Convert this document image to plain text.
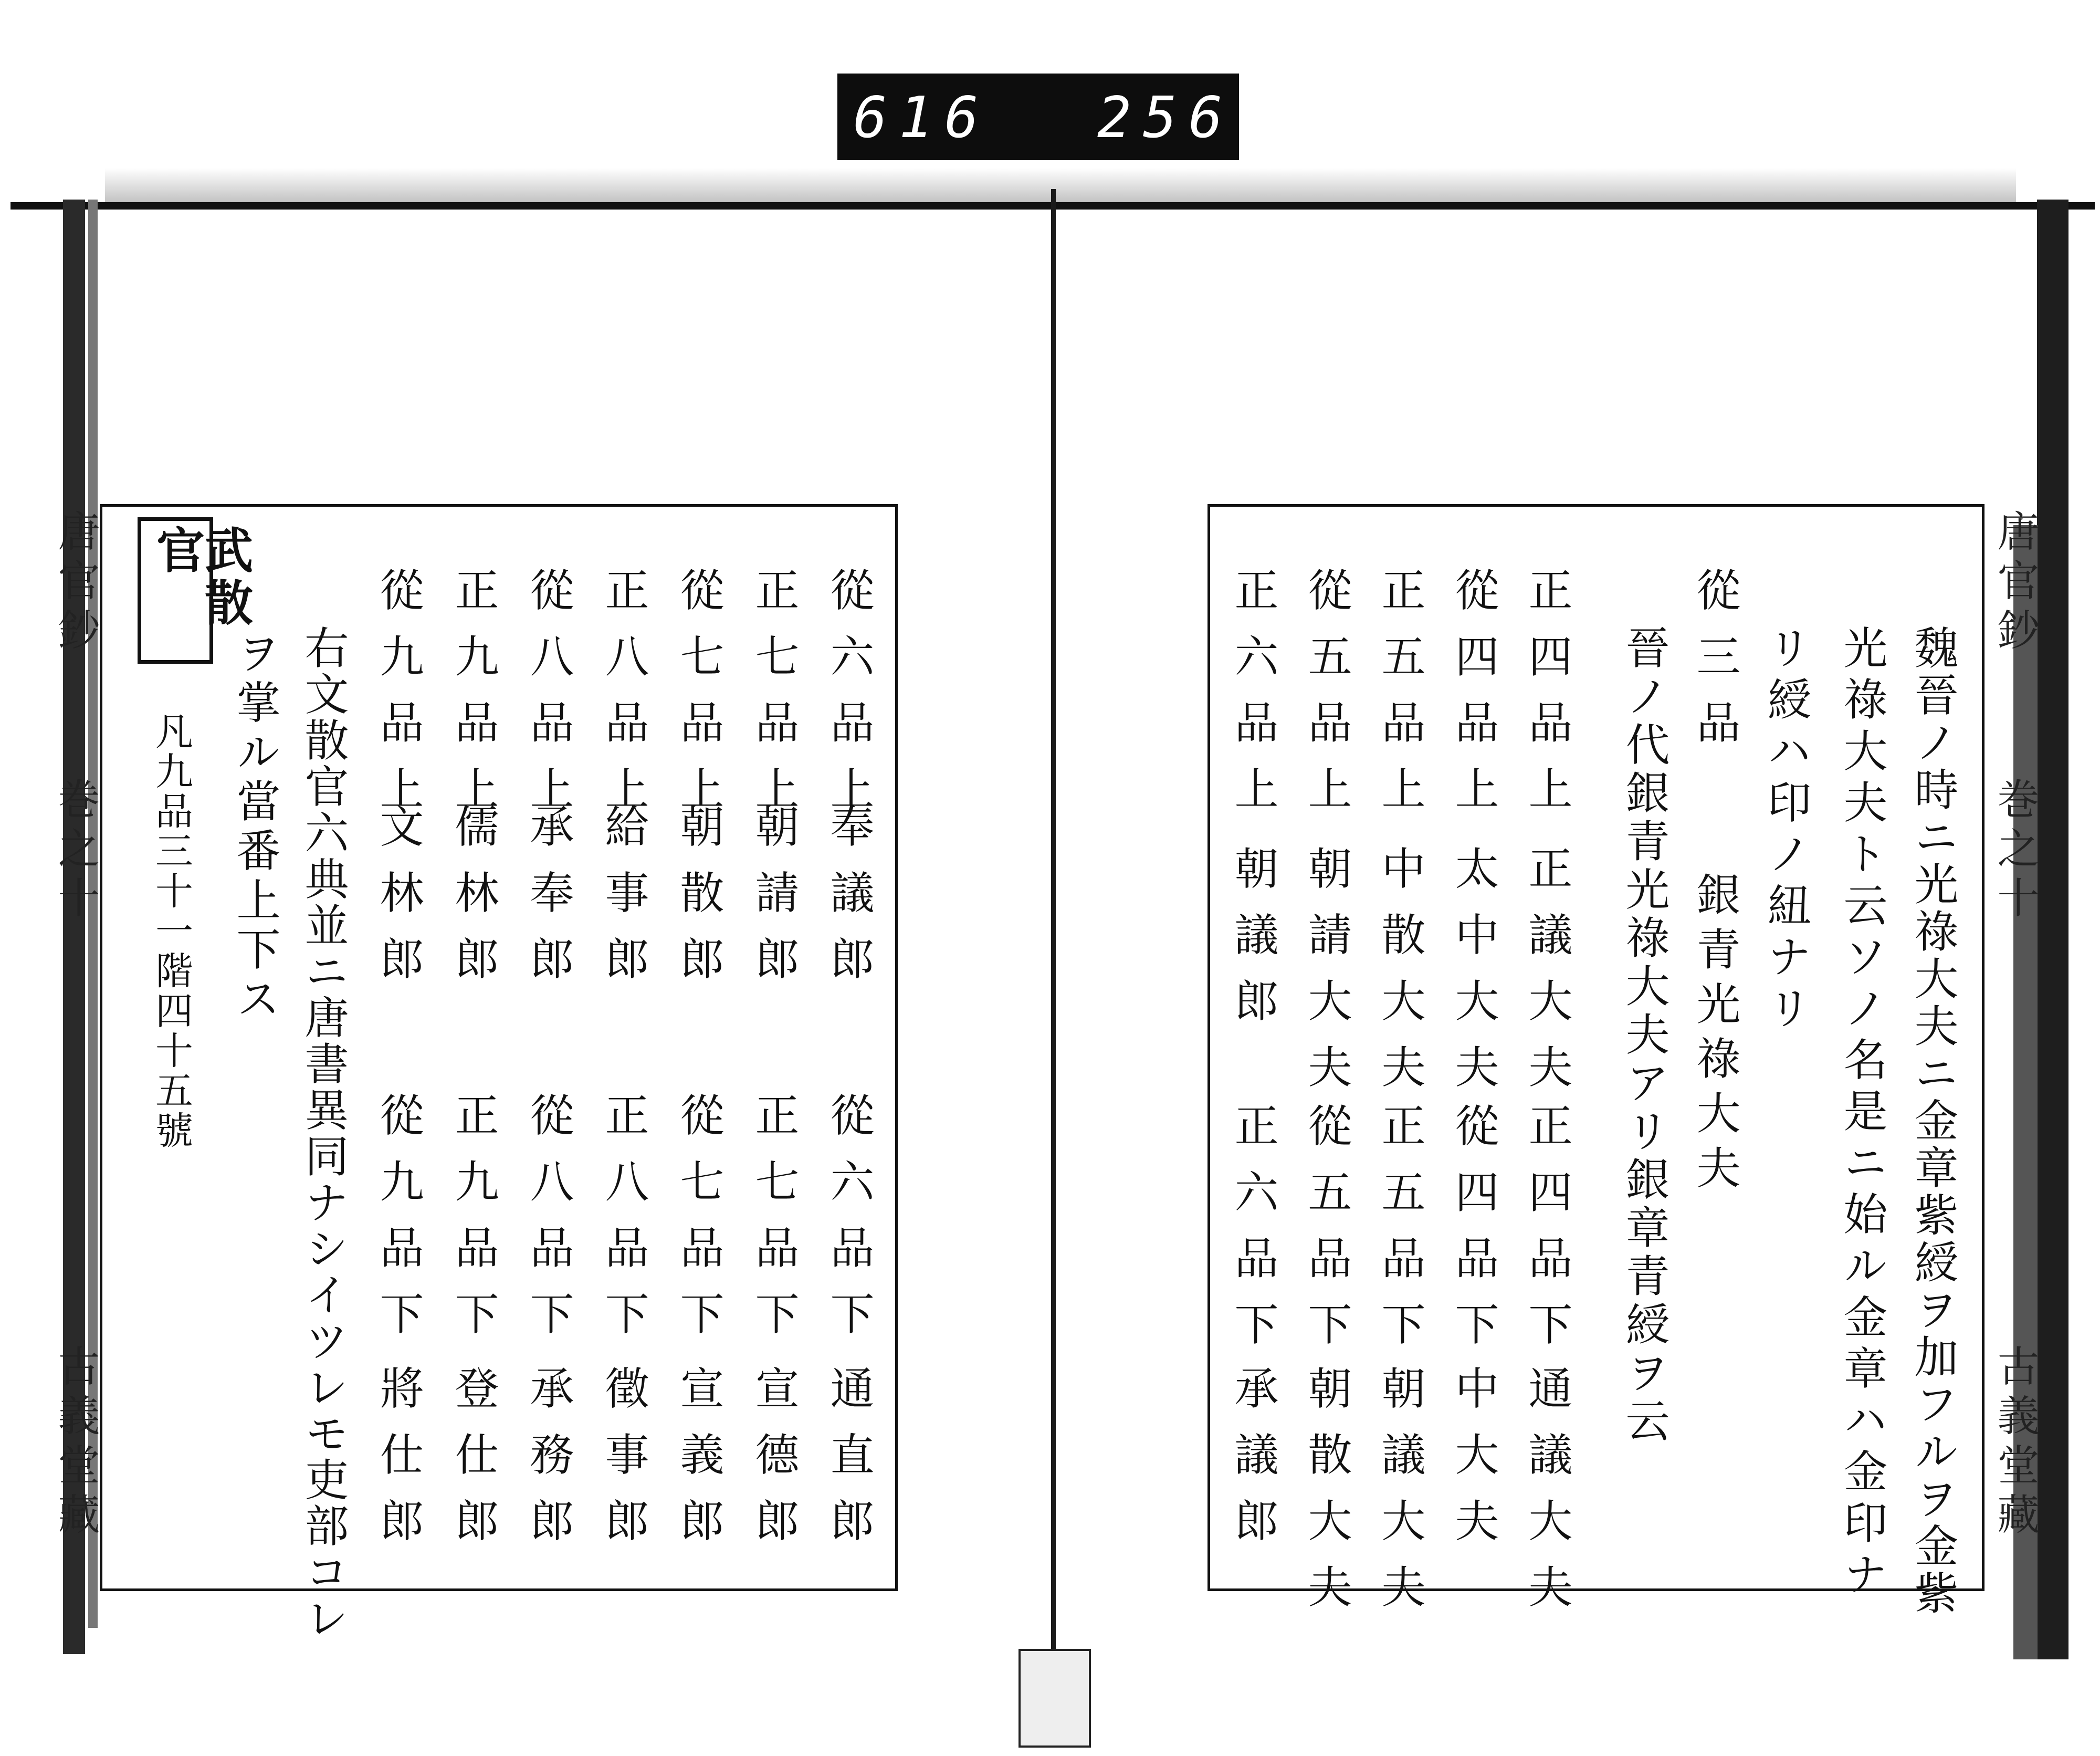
616 256
唐官鈔
巻之十
古義堂藏
武散官
從六品上
奉議郎
從六品下
通直郎
正七品上
朝請郎
正七品下
宣德郎
從七品上
朝散郎
從七品下
宣義郎
正八品上
給事郎
正八品下
徵事郎
從八品上
承奉郎
從八品下
承務郎
正九品上
儒林郎
正九品下
登仕郎
從九品上
文林郎
從九品下
將仕郎
右文散官六典並ニ唐書異同ナシイツレモ吏部コレ
ヲ掌ル當番上下ス
凡九品三十一階四十五號
唐官鈔
巻之十
古義堂藏
魏晉ノ時ニ光祿大夫ニ金章紫綬ヲ加フルヲ金紫
光祿大夫ト云ソノ名是ニ始ル金章ハ金印ナ
リ綬ハ印ノ紐ナリ
從三品
銀青光祿大夫
晉ノ代銀青光祿大夫アリ銀章青綬ヲ云
正四品上
正議大夫
正四品下
通議大夫
從四品上
太中大夫
從四品下
中大夫
正五品上
中散大夫
正五品下
朝議大夫
從五品上
朝請大夫
從五品下
朝散大夫
正六品上
朝議郎
正六品下
承議郎
